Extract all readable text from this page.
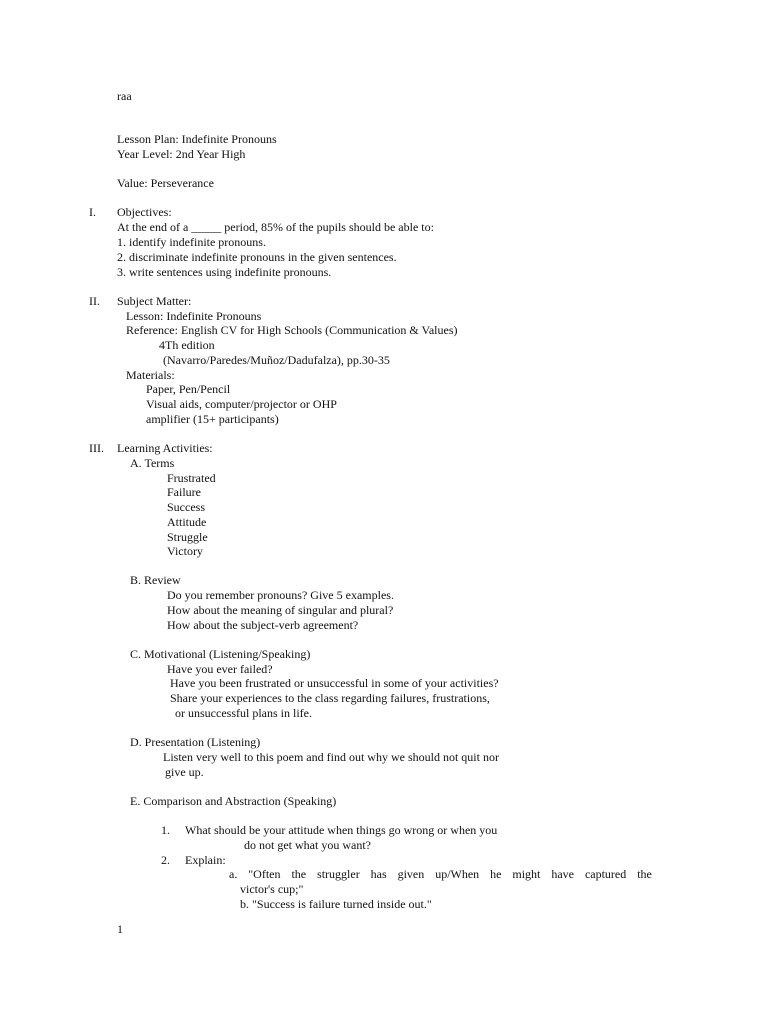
raa
Lesson Plan: Indefinite Pronouns
Year Level: 2nd Year High
Value: Perseverance
I. Objectives:
At the end of a _____ period, 85% of the pupils should be able to:
1. identify indefinite pronouns.
2. discriminate indefinite pronouns in the given sentences.
3. write sentences using indefinite pronouns.
II. Subject Matter:
Lesson: Indefinite Pronouns
Reference: English CV for High Schools (Communication & Values)
4Th edition
(Navarro/Paredes/Muñoz/Dadufalza), pp.30-35
Materials:
Paper, Pen/Pencil
Visual aids, computer/projector or OHP
amplifier (15+ participants)
III. Learning Activities:
A. Terms
Frustrated
Failure
Success
Attitude
Struggle
Victory
B. Review
Do you remember pronouns? Give 5 examples.
How about the meaning of singular and plural?
How about the subject-verb agreement?
C. Motivational (Listening/Speaking)
Have you ever failed?
Have you been frustrated or unsuccessful in some of your activities?
Share your experiences to the class regarding failures, frustrations,
or unsuccessful plans in life.
D. Presentation (Listening)
Listen very well to this poem and find out why we should not quit nor
give up.
E. Comparison and Abstraction (Speaking)
1. What should be your attitude when things go wrong or when you
do not get what you want?
2. Explain:
a. "Often the struggler has given up/When he might have captured the
victor's cup;"
b. "Success is failure turned inside out."
1
